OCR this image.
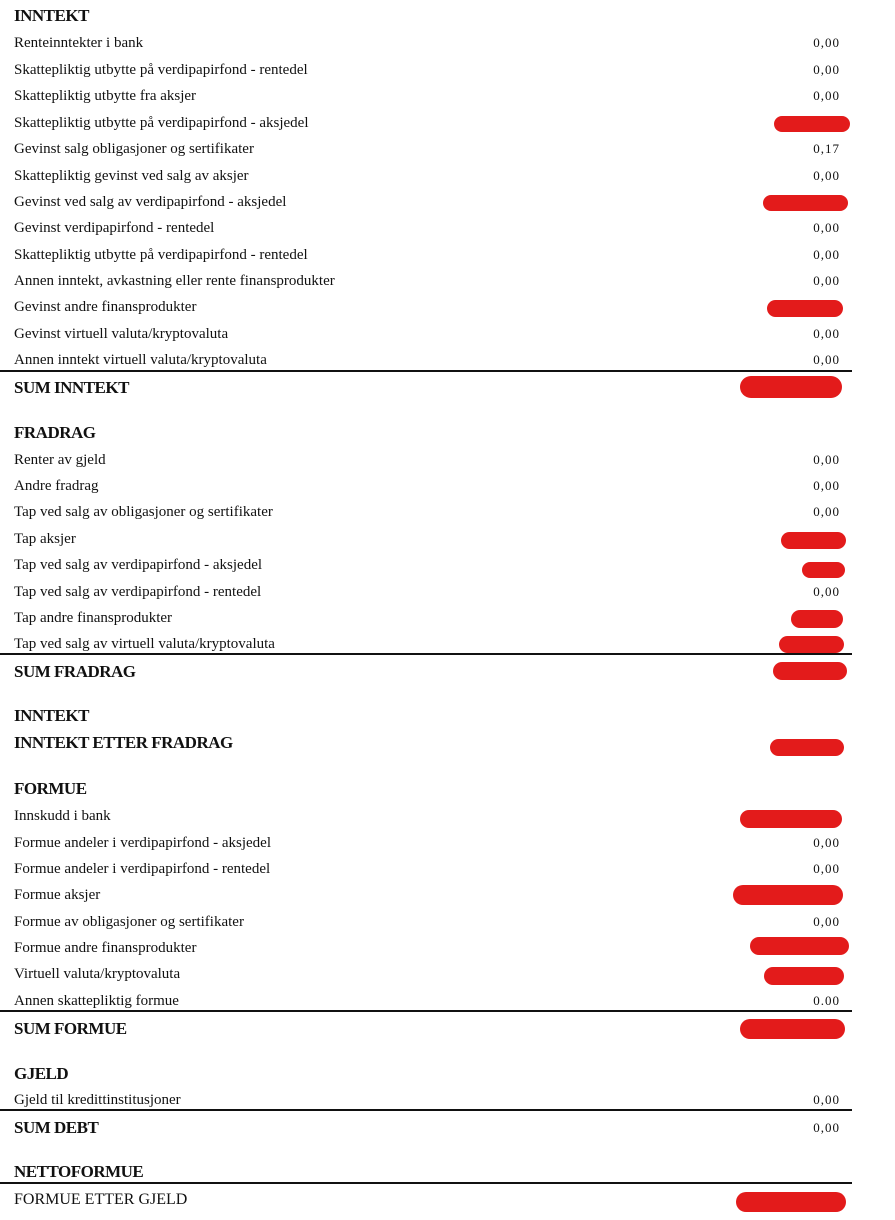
INNTEKT
Renteinntekter i bank	0,00
Skattepliktig utbytte på verdipapirfond - rentedel	0,00
Skattepliktig utbytte fra aksjer	0,00
Skattepliktig utbytte på verdipapirfond - aksjedel
Gevinst salg obligasjoner og sertifikater	0,17
Skattepliktig gevinst ved salg av aksjer	0,00
Gevinst ved salg av verdipapirfond - aksjedel
Gevinst verdipapirfond - rentedel	0,00
Skattepliktig utbytte på verdipapirfond - rentedel	0,00
Annen inntekt, avkastning eller rente finansprodukter	0,00
Gevinst andre finansprodukter
Gevinst virtuell valuta/kryptovaluta	0,00
Annen inntekt virtuell valuta/kryptovaluta	0,00
SUM INNTEKT
FRADRAG
Renter av gjeld	0,00
Andre fradrag	0,00
Tap ved salg av obligasjoner og sertifikater	0,00
Tap aksjer
Tap ved salg av verdipapirfond - aksjedel
Tap ved salg av verdipapirfond - rentedel	0,00
Tap andre finansprodukter
Tap ved salg av virtuell valuta/kryptovaluta
SUM FRADRAG
INNTEKT
INNTEKT ETTER FRADRAG
FORMUE
Innskudd i bank
Formue andeler i verdipapirfond - aksjedel	0,00
Formue andeler i verdipapirfond - rentedel	0,00
Formue aksjer
Formue av obligasjoner og sertifikater	0,00
Formue andre finansprodukter
Virtuell valuta/kryptovaluta
Annen skattepliktig formue	0.00
SUM FORMUE
GJELD
Gjeld til kredittinstitusjoner	0,00
SUM DEBT	0,00
NETTOFORMUE
FORMUE ETTER GJELD
